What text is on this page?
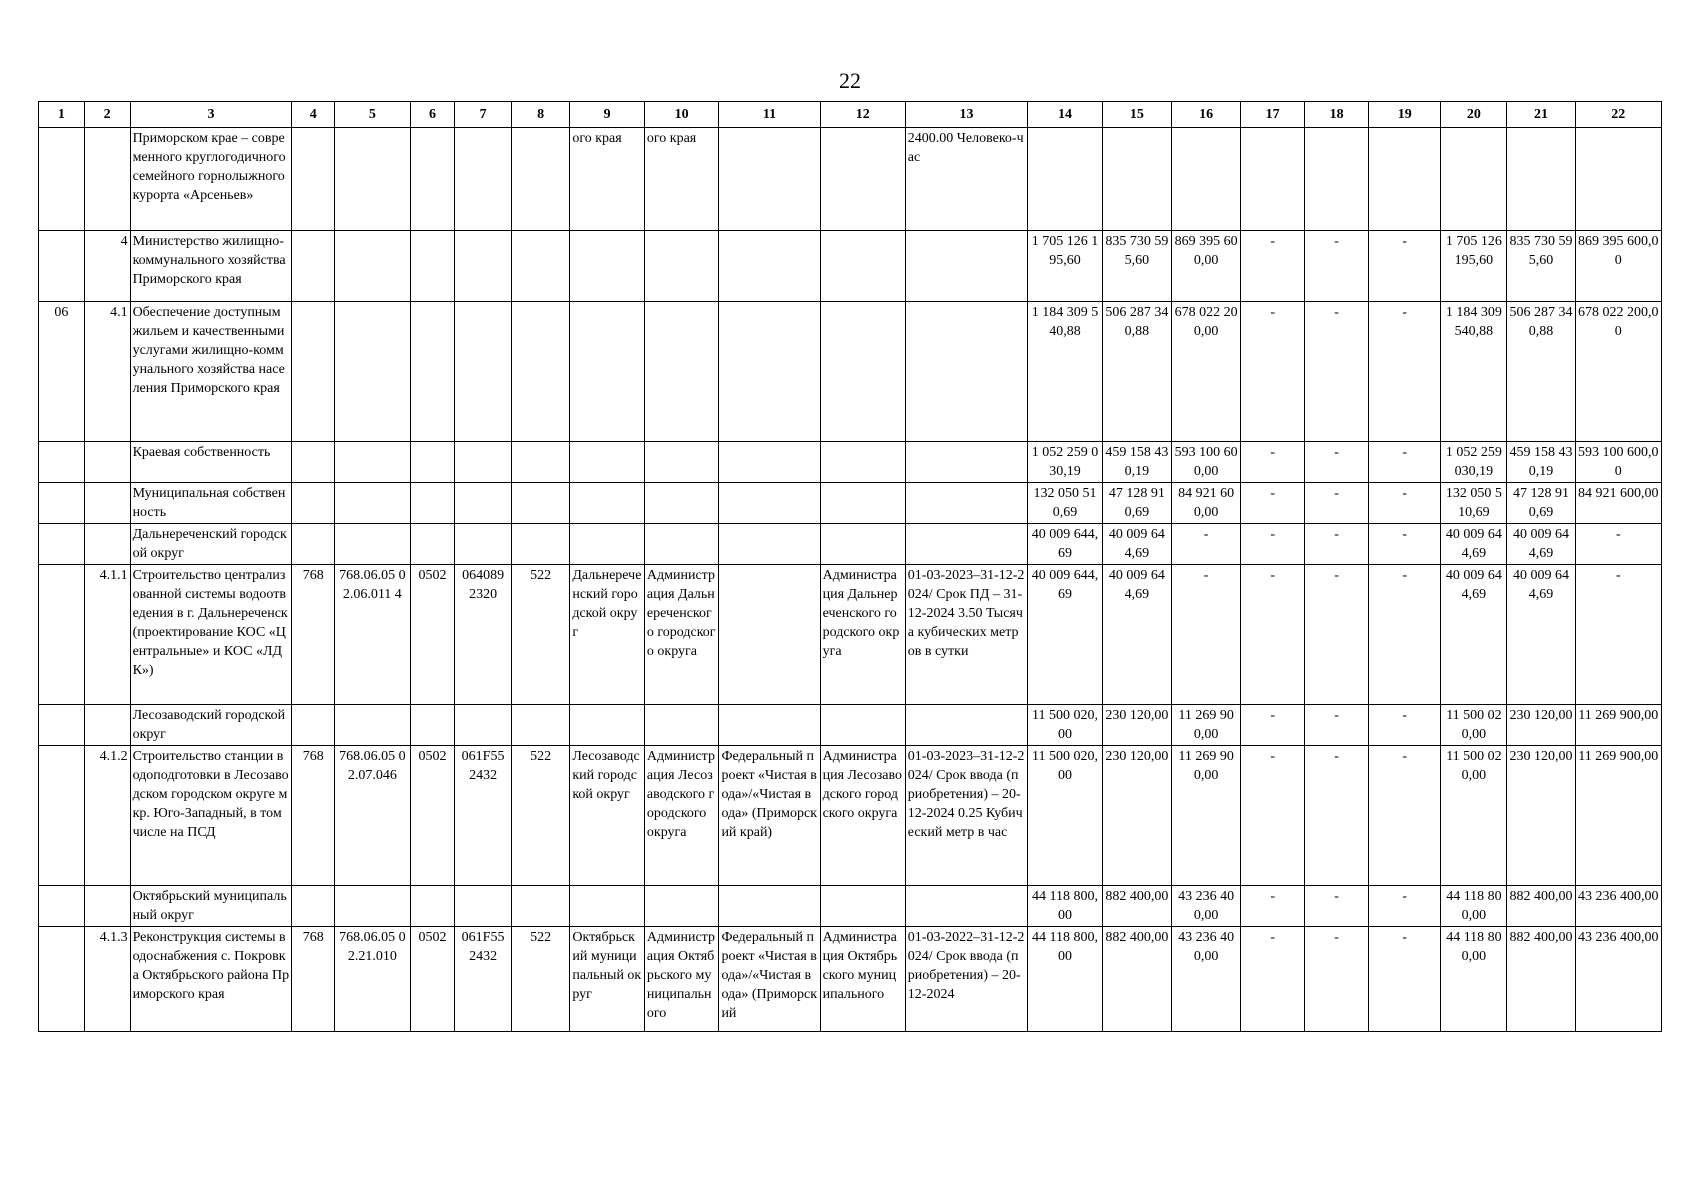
22
1	2	3	4	5	6	7	8	9	10	11	12	13	14	15	16	17	18	19	20	21	22
		Приморском крае – современного круглогодичного семейного горнолыжного курорта «Арсеньев»						ого края	ого края			2400.00 Человеко-час									
	4	Министерство жилищно-коммунального хозяйства Приморского края											1 705 126 195,60	835 730 595,60	869 395 600,00	-	-	-	1 705 126 195,60	835 730 595,60	869 395 600,00
06	4.1	Обеспечение доступным жильем и качественными услугами жилищно-коммунального хозяйства населения Приморского края											1 184 309 540,88	506 287 340,88	678 022 200,00	-	-	-	1 184 309 540,88	506 287 340,88	678 022 200,00
		Краевая собственность											1 052 259 030,19	459 158 430,19	593 100 600,00	-	-	-	1 052 259 030,19	459 158 430,19	593 100 600,00
		Муниципальная собственность											132 050 510,69	47 128 910,69	84 921 600,00	-	-	-	132 050 510,69	47 128 910,69	84 921 600,00
		Дальнереченский городской округ											40 009 644,69	40 009 644,69	-	-	-	-	40 009 644,69	40 009 644,69	-
	4.1.1	Строительство централизованной системы водоотведения в г. Дальнереченск (проектирование КОС «Центральные» и КОС «ЛДК»)	768	768.06.05 02.06.011 4	0502	064089 2320	522	Дальнереченский городской округ	Администрация Дальнереченского городского округа		Администрация Дальнереченского городского округа	01-03-2023–31-12-2024/ Срок ПД – 31-12-2024 3.50 Тысяча кубических метров в сутки	40 009 644,69	40 009 644,69	-	-	-	-	40 009 644,69	40 009 644,69	-
		Лесозаводский городской округ											11 500 020,00	230 120,00	11 269 900,00	-	-	-	11 500 020,00	230 120,00	11 269 900,00
	4.1.2	Строительство станции водоподготовки в Лесозаводском городском округе мкр. Юго-Западный, в том числе на ПСД	768	768.06.05 02.07.046	0502	061F55 2432	522	Лесозаводский городской округ	Администрация Лесозаводского городского округа	Федеральный проект «Чистая вода»/«Чистая вода» (Приморский край)	Администрация Лесозаводского городского округа	01-03-2023–31-12-2024/ Срок ввода (приобретения) – 20-12-2024 0.25 Кубический метр в час	11 500 020,00	230 120,00	11 269 900,00	-	-	-	11 500 020,00	230 120,00	11 269 900,00
		Октябрьский муниципальный округ											44 118 800,00	882 400,00	43 236 400,00	-	-	-	44 118 800,00	882 400,00	43 236 400,00
	4.1.3	Реконструкция системы водоснабжения с. Покровка Октябрьского района Приморского края	768	768.06.05 02.21.010	0502	061F55 2432	522	Октябрьский муниципальный округ	Администрация Октябрьского муниципального	Федеральный проект «Чистая вода»/«Чистая вода» (Приморский	Администрация Октябрьского муниципального	01-03-2022–31-12-2024/ Срок ввода (приобретения) – 20-12-2024	44 118 800,00	882 400,00	43 236 400,00	-	-	-	44 118 800,00	882 400,00	43 236 400,00
